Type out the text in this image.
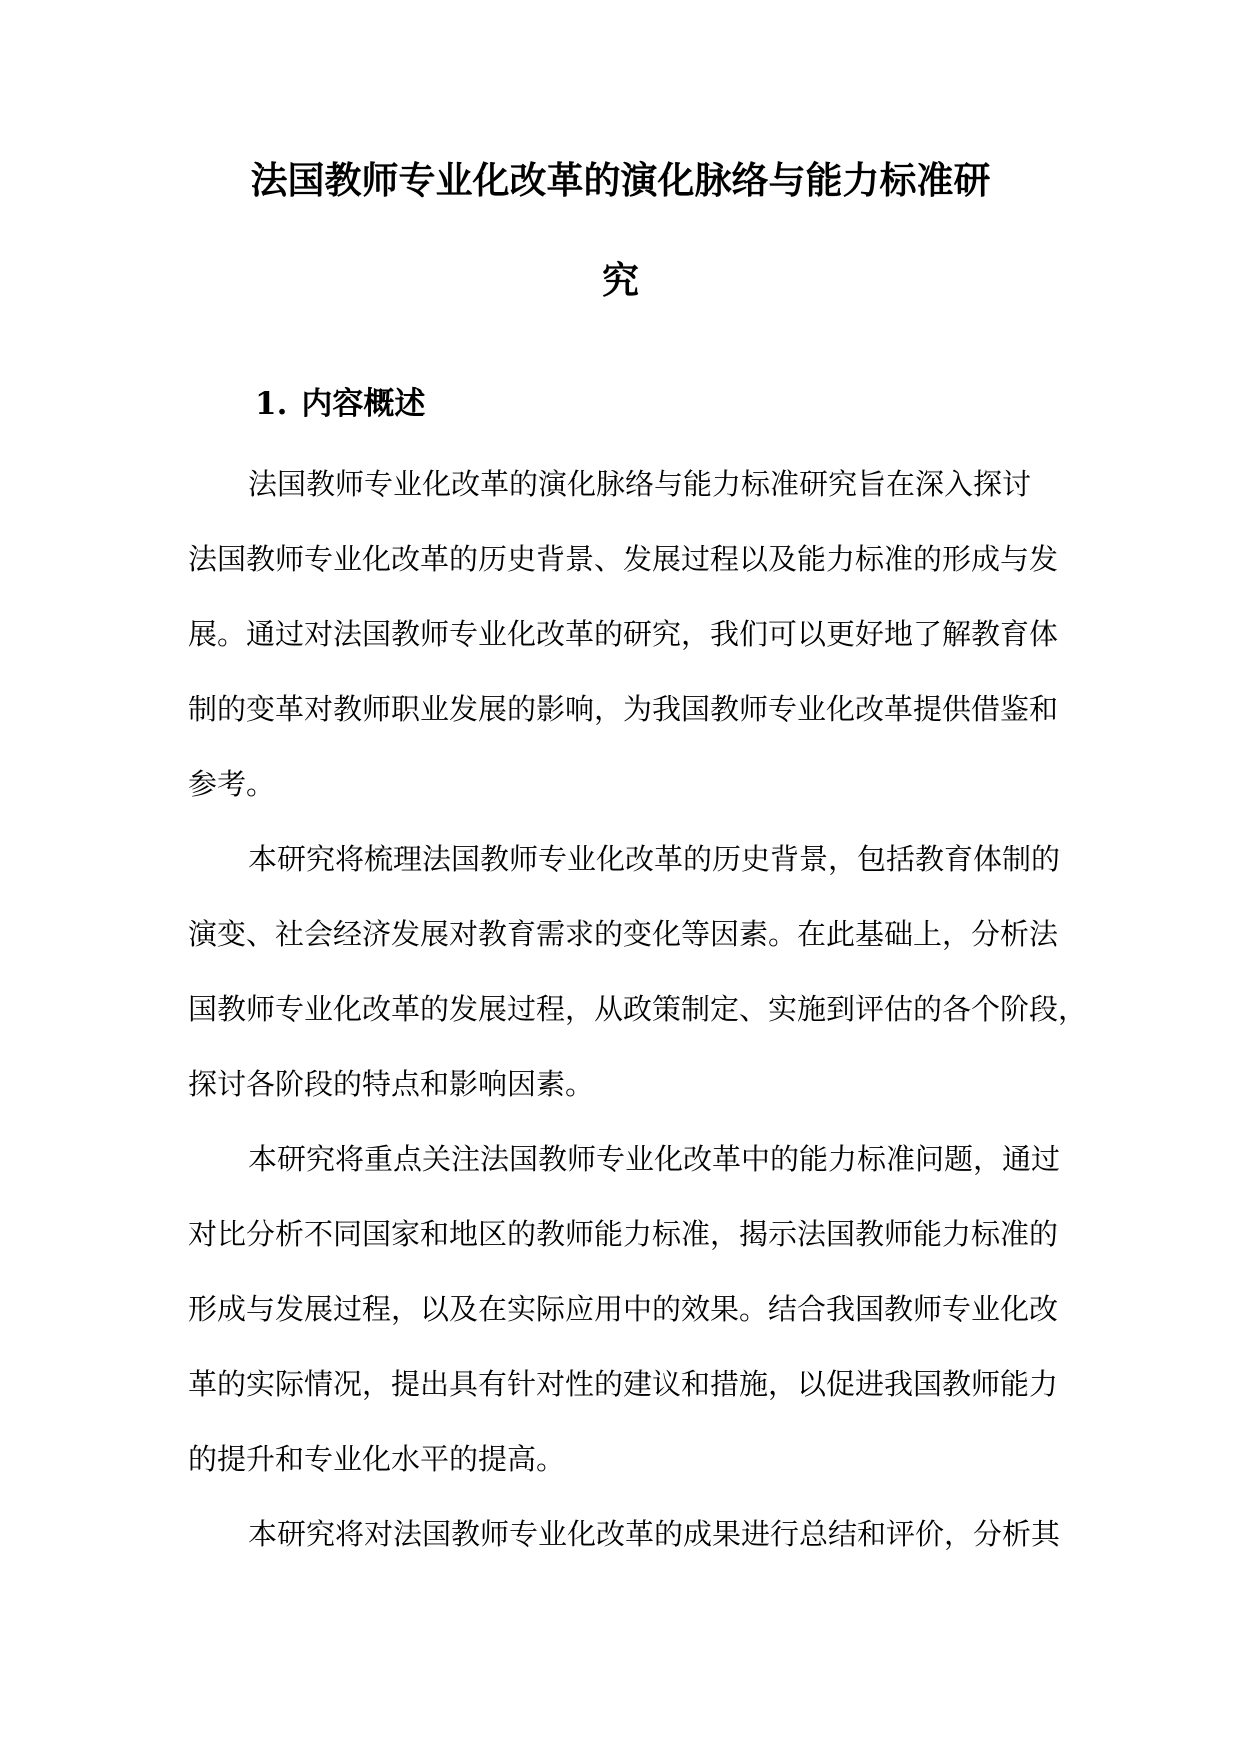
法国教师专业化改革的演化脉络与能力标准研
究
1. 内容概述
法国教师专业化改革的演化脉络与能力标准研究旨在深入探讨
法国教师专业化改革的历史背景、发展过程以及能力标准的形成与发
展。通过对法国教师专业化改革的研究，我们可以更好地了解教育体
制的变革对教师职业发展的影响，为我国教师专业化改革提供借鉴和
参考。
本研究将梳理法国教师专业化改革的历史背景，包括教育体制的
演变、社会经济发展对教育需求的变化等因素。在此基础上，分析法
国教师专业化改革的发展过程，从政策制定、实施到评估的各个阶段，
探讨各阶段的特点和影响因素。
本研究将重点关注法国教师专业化改革中的能力标准问题，通过
对比分析不同国家和地区的教师能力标准，揭示法国教师能力标准的
形成与发展过程，以及在实际应用中的效果。结合我国教师专业化改
革的实际情况，提出具有针对性的建议和措施，以促进我国教师能力
的提升和专业化水平的提高。
本研究将对法国教师专业化改革的成果进行总结和评价，分析其
